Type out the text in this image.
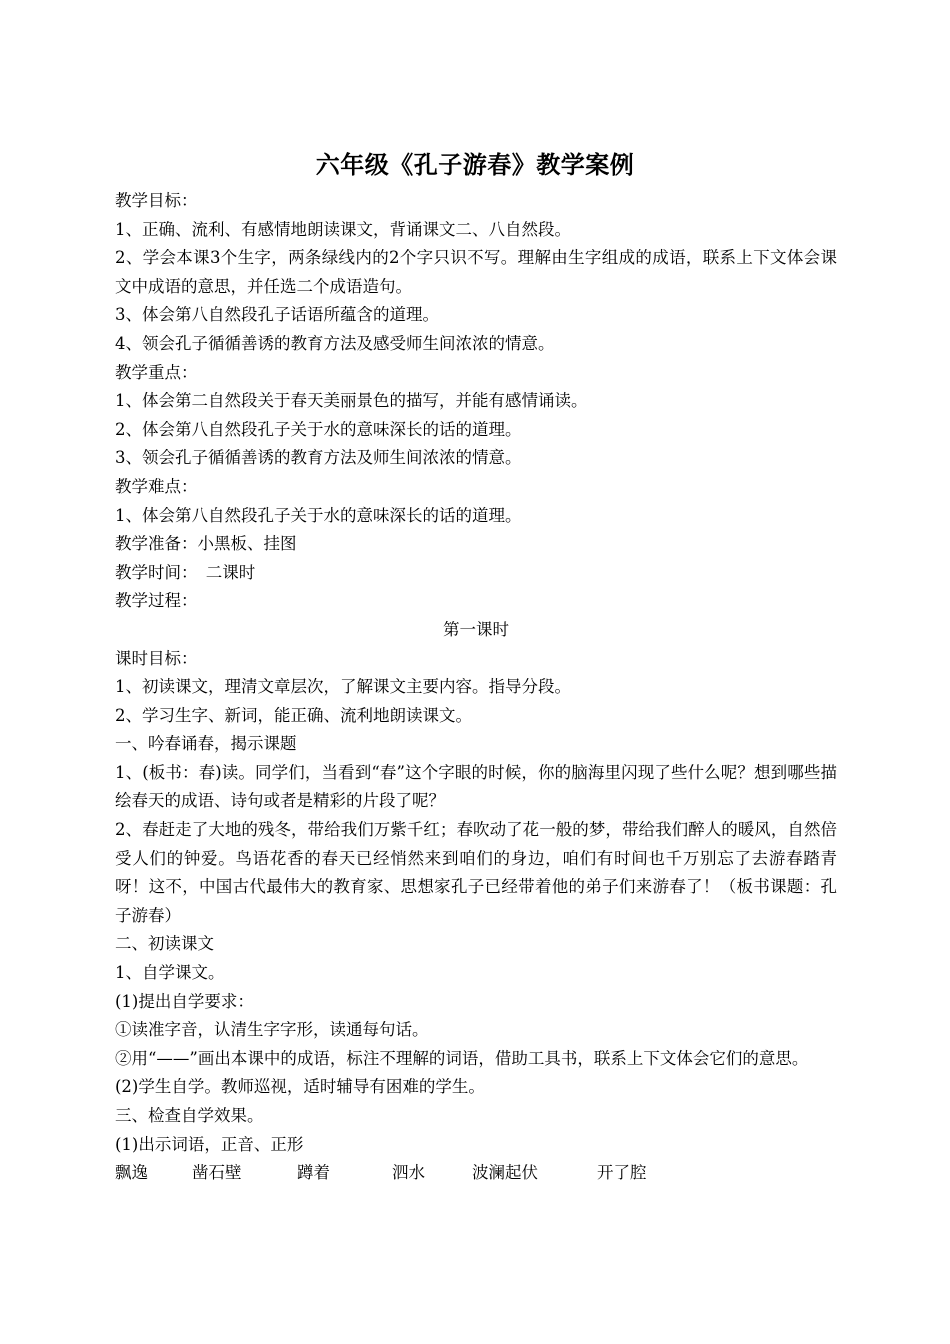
六年级《孔子游春》教学案例

教学目标：

1、正确、流利、有感情地朗读课文，背诵课文二、八自然段。

2、学会本课3个生字，两条绿线内的2个字只识不写。理解由生字组成的成语，联系上下文体会课文中成语的意思，并任选二个成语造句。

3、体会第八自然段孔子话语所蕴含的道理。

4、领会孔子循循善诱的教育方法及感受师生间浓浓的情意。

教学重点：

1、体会第二自然段关于春天美丽景色的描写，并能有感情诵读。

2、体会第八自然段孔子关于水的意味深长的话的道理。

3、领会孔子循循善诱的教育方法及师生间浓浓的情意。

教学难点：

1、体会第八自然段孔子关于水的意味深长的话的道理。

教学准备：小黑板、挂图

教学时间：　二课时

教学过程：

第一课时

课时目标：

1、初读课文，理清文章层次，了解课文主要内容。指导分段。

2、学习生字、新词，能正确、流利地朗读课文。

一、吟春诵春，揭示课题

1、(板书：春)读。同学们，当看到“春”这个字眼的时候，你的脑海里闪现了些什么呢？想到哪些描绘春天的成语、诗句或者是精彩的片段了呢？

2、春赶走了大地的残冬，带给我们万紫千红；春吹动了花一般的梦，带给我们醉人的暖风，自然倍受人们的钟爱。鸟语花香的春天已经悄然来到咱们的身边，咱们有时间也千万别忘了去游春踏青呀！这不，中国古代最伟大的教育家、思想家孔子已经带着他的弟子们来游春了！（板书课题：孔子游春）

二、初读课文

1、自学课文。

(1)提出自学要求：

①读准字音，认清生字字形，读通每句话。

②用“——”画出本课中的成语，标注不理解的词语，借助工具书，联系上下文体会它们的意思。

(2)学生自学。教师巡视，适时辅导有困难的学生。

三、检查自学效果。

(1)出示词语，正音、正形

飘逸	凿石壁	蹲着	泗水	波澜起伏	开了腔
